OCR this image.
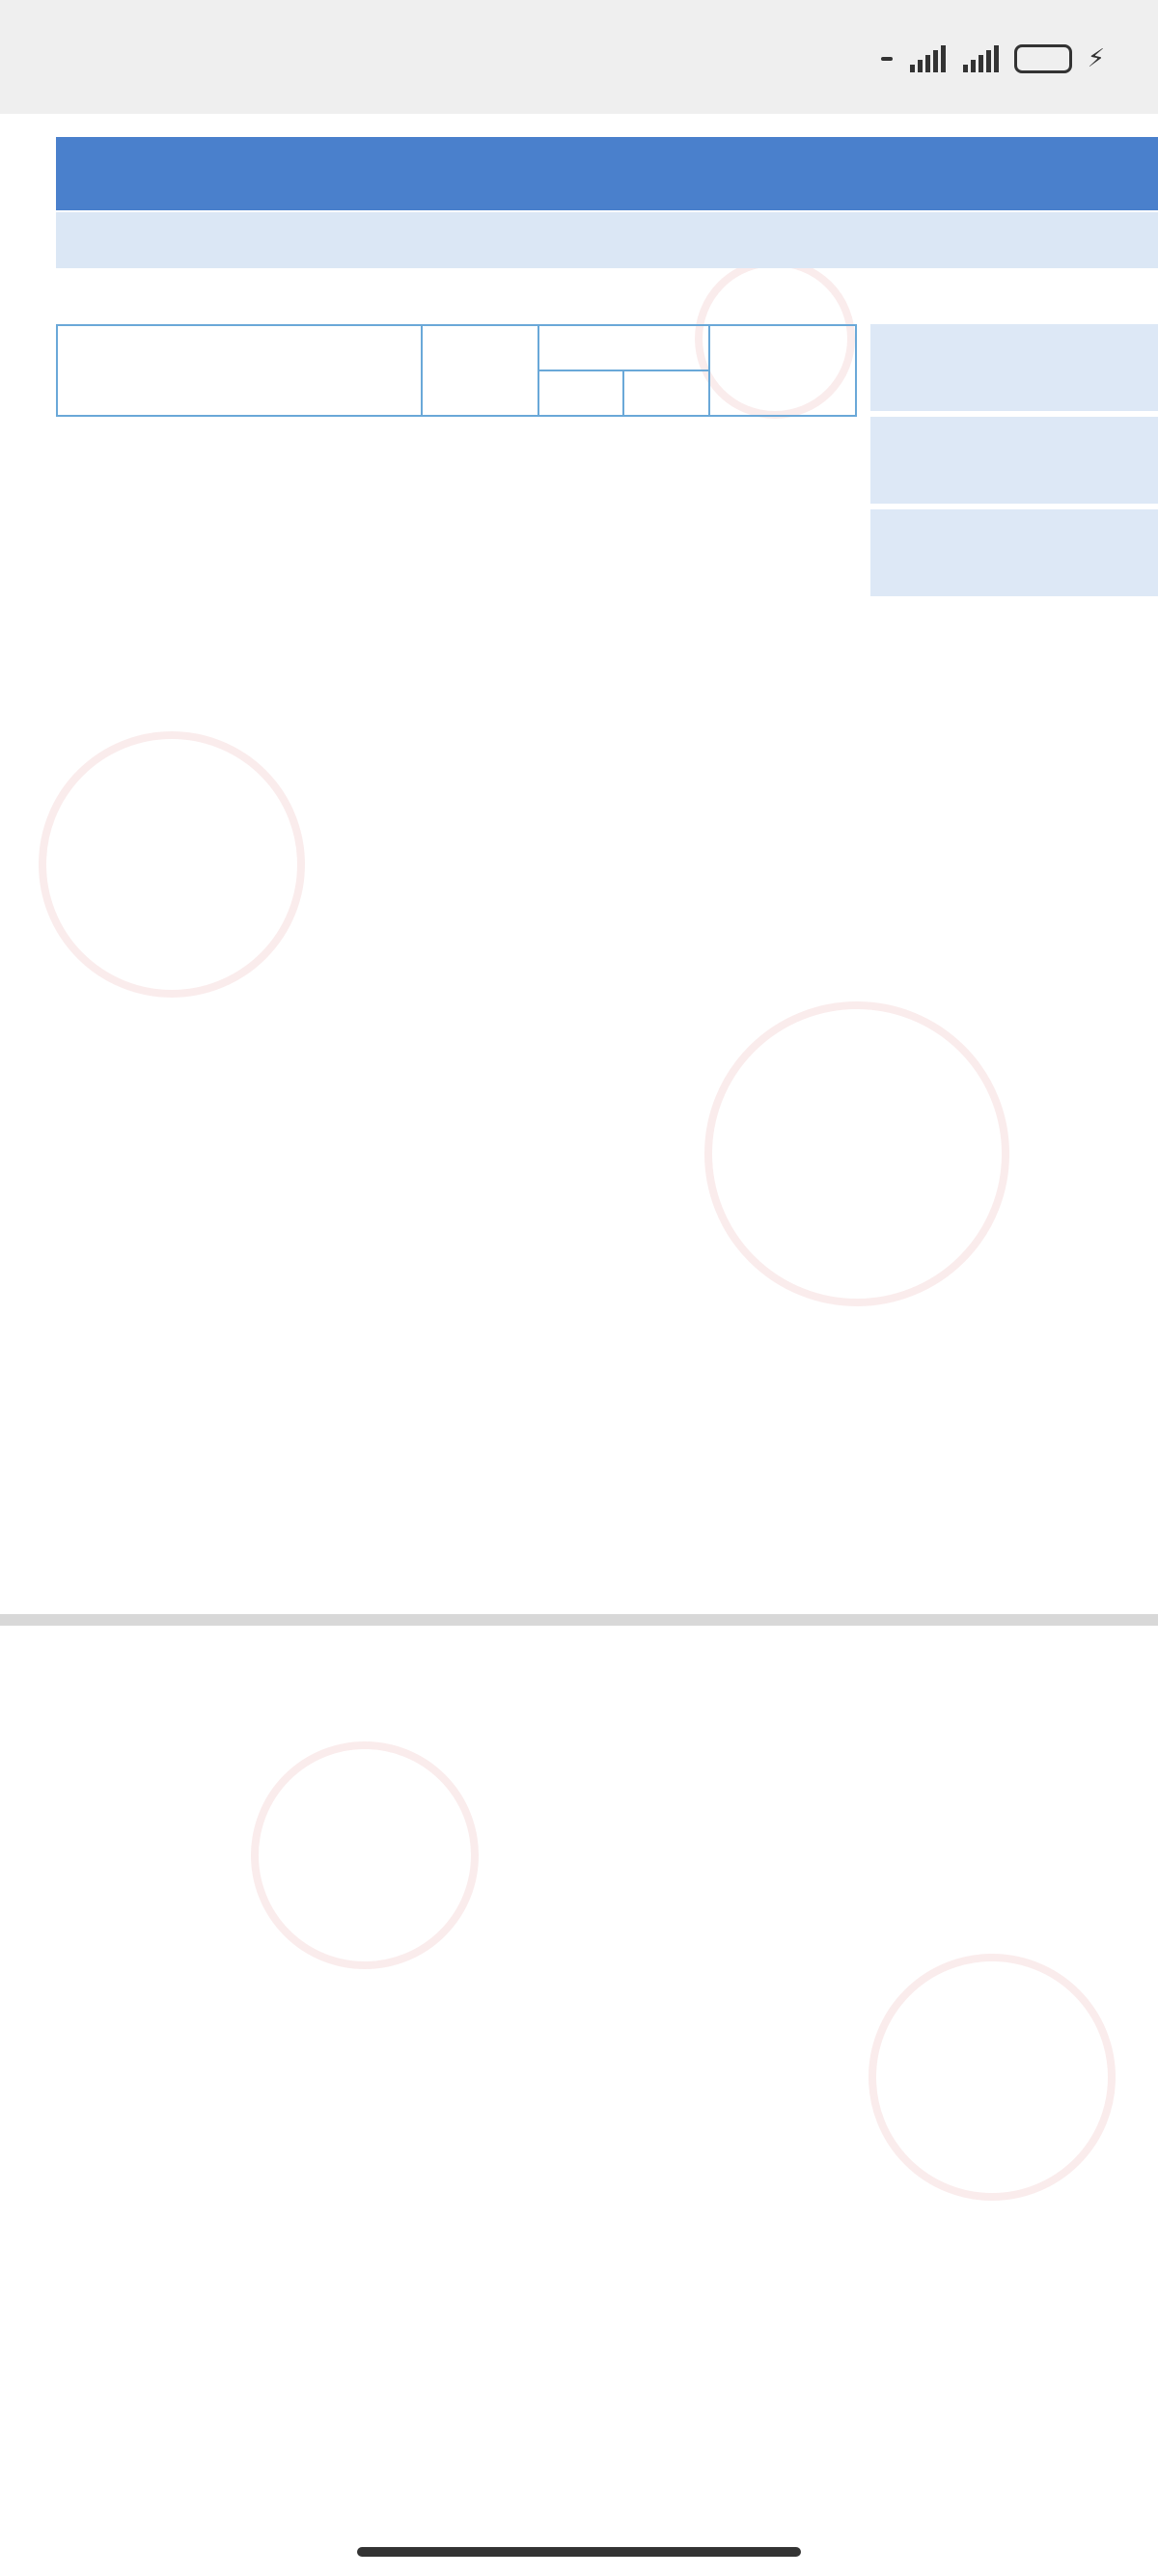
⚡
